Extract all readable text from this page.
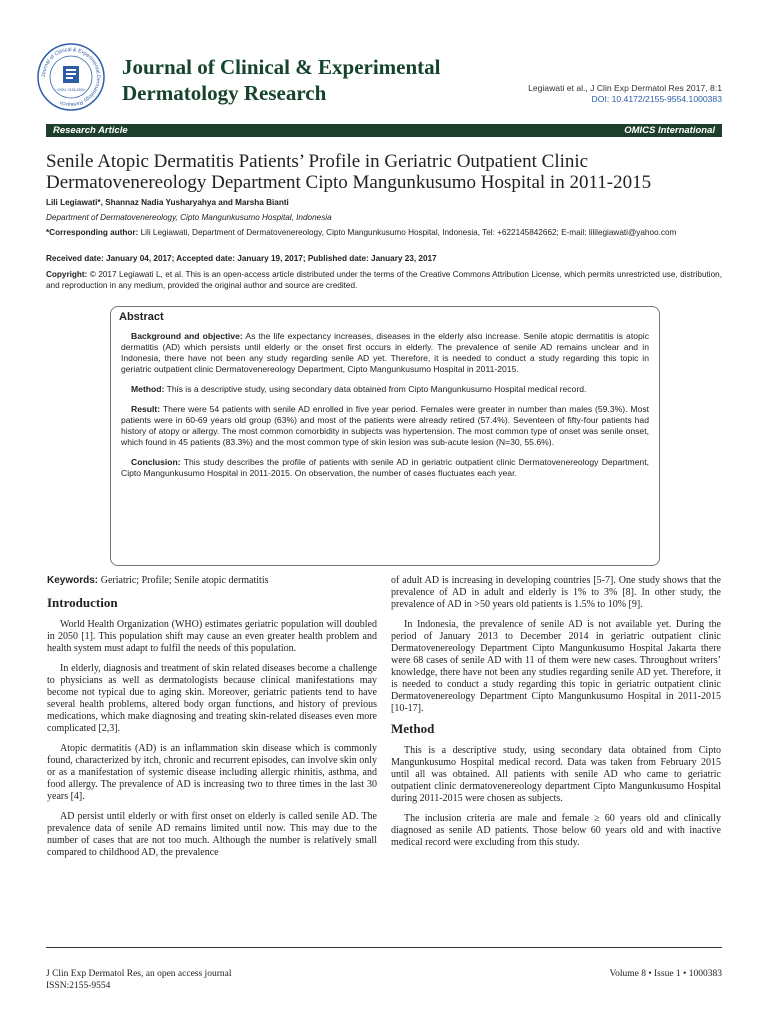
Journal of Clinical & Experimental Dermatology Research
ISSN: 2155-9554
Journal of Clinical & Experimental
Dermatology Research	Legiawati et al., J Clin Exp Dermatol Res 2017, 8:1
DOI: 10.4172/2155-9554.1000383
Research Article	OMICS International
Senile Atopic Dermatitis Patients’ Profile in Geriatric Outpatient Clinic Dermatovenereology Department Cipto Mangunkusumo Hospital in 2011-2015
Lili Legiawati*, Shannaz Nadia Yusharyahya and Marsha Bianti
Department of Dermatovenereology, Cipto Mangunkusumo Hospital, Indonesia
*Corresponding author: Lili Legiawati, Department of Dermatovenereology, Cipto Mangunkusumo Hospital, Indonesia, Tel: +622145842662; E-mail: lililegiawati@yahoo.com
Received date: January 04, 2017; Accepted date: January 19, 2017; Published date: January 23, 2017
Copyright: © 2017 Legiawati L, et al. This is an open-access article distributed under the terms of the Creative Commons Attribution License, which permits unrestricted use, distribution, and reproduction in any medium, provided the original author and source are credited.
Abstract

Background and objective: As the life expectancy increases, diseases in the elderly also increase. Senile atopic dermatitis is atopic dermatitis (AD) which persists until elderly or the onset first occurs in elderly. The prevalence of senile AD remains unclear and in Indonesia, there have not been any study regarding senile AD yet. Therefore, it is needed to conduct a study regarding this topic in geriatric outpatient clinic Dermatovenereology Department, Cipto Mangunkusumo Hospital in 2011-2015.

Method: This is a descriptive study, using secondary data obtained from Cipto Mangunkusumo Hospital medical record.

Result: There were 54 patients with senile AD enrolled in five year period. Females were greater in number than males (59.3%). Most patients were in 60-69 years old group (63%) and most of the patients were already retired (57.4%). Seventeen of fifty-four patients had history of atopy or allergy. The most common comorbidity in subjects was hypertension. The most common type of onset was senile onset, which found in 45 patients (83.3%) and the most common type of skin lesion was sub-acute lesion (N=30, 55.6%).

Conclusion: This study describes the profile of patients with senile AD in geriatric outpatient clinic Dermatovenereology Department, Cipto Mangunkusumo Hospital in 2011-2015. On observation, the number of cases fluctuates each year.

Keywords: Geriatric; Profile; Senile atopic dermatitis
Introduction

World Health Organization (WHO) estimates geriatric population will doubled in 2050 [1]. This population shift may cause an even greater health problem and health system must adapt to fulfil the needs of this population.

In elderly, diagnosis and treatment of skin related diseases become a challenge to physicians as well as dermatologists because clinical manifestations may become not typical due to aging skin. Moreover, geriatric patients tend to have several health problems, altered body organ functions, and history of previous medications, which make diagnosing and treating skin-related diseases even more complicated [2,3].

Atopic dermatitis (AD) is an inflammation skin disease which is commonly found, characterized by itch, chronic and recurrent episodes, can involve skin only or as a manifestation of systemic disease including allergic rhinitis, asthma, and food allergy. The prevalence of AD is increasing two to three times in the last 30 years [4].

AD persist until elderly or with first onset on elderly is called senile AD. The prevalence data of senile AD remains limited until now. This may due to the number of cases that are not too much. Although the number is relatively small compared to childhood AD, the prevalence

of adult AD is increasing in developing countries [5-7]. One study shows that the prevalence of AD in adult and elderly is 1% to 3% [8]. In other study, the prevalence of AD in >50 years old patients is 1.5% to 10% [9].

In Indonesia, the prevalence of senile AD is not available yet. During the period of January 2013 to December 2014 in geriatric outpatient clinic Dermatovenereology Department Cipto Mangunkusumo Hospital Jakarta there were 68 cases of senile AD with 11 of them were new cases. Throughout writers’ knowledge, there have not been any studies regarding senile AD yet. Therefore, it is needed to conduct a study regarding this topic in geriatric outpatient clinic Dermatovenereology Department Cipto Mangunkusumo Hospital in 2011-2015 [10-17].

Method

This is a descriptive study, using secondary data obtained from Cipto Mangunkusumo Hospital medical record. Data was taken from February 2015 until all was obtained. All patients with senile AD who came to geriatric outpatient clinic dermatovenereology department Cipto Mangunkusumo Hospital during 2011-2015 were chosen as subjects.

The inclusion criteria are male and female ≥ 60 years old and clinically diagnosed as senile AD patients. Those below 60 years old and with inactive medical record were excluding from this study.

J Clin Exp Dermatol Res, an open access journal
ISSN:2155-9554
Volume 8 • Issue 1 • 1000383
